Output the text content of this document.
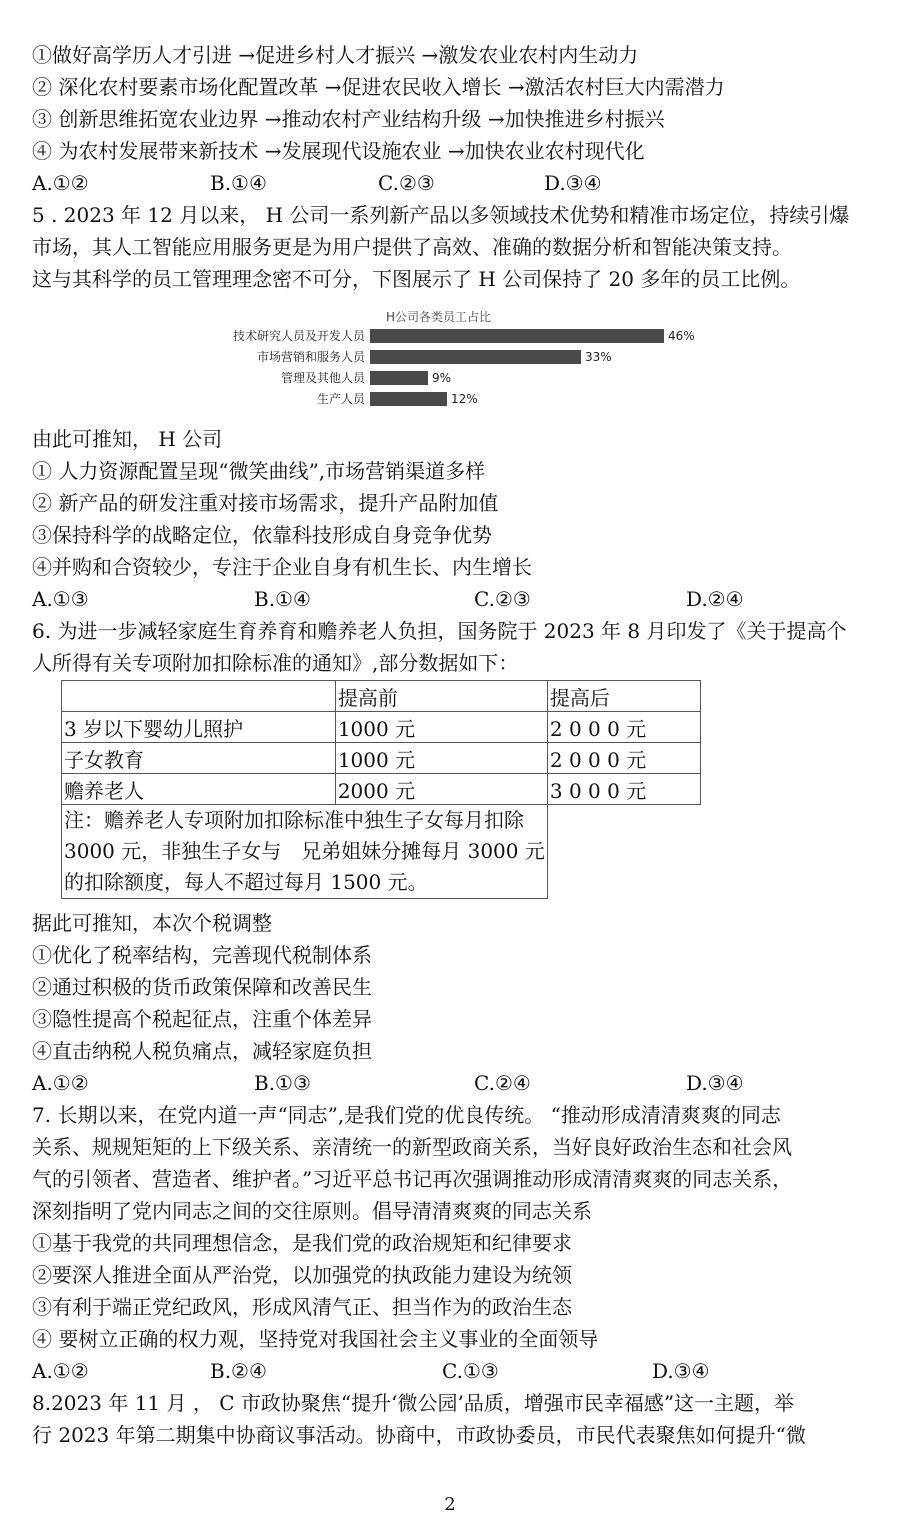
①做好高学历人才引进 →促进乡村人才振兴 →激发农业农村内生动力
② 深化农村要素市场化配置改革 →促进农民收入增长 →激活农村巨大内需潜力
③ 创新思维拓宽农业边界 →推动农村产业结构升级 →加快推进乡村振兴
④ 为农村发展带来新技术 →发展现代设施农业 →加快农业农村现代化
A.①②	B.①④	C.②③	D.③④
5 . 2023 年 12 月以来， H 公司一系列新产品以多领域技术优势和精准市场定位，持续引爆
市场，其人工智能应用服务更是为用户提供了高效、准确的数据分析和智能决策支持。
这与其科学的员工管理理念密不可分，下图展示了 H 公司保持了 20 多年的员工比例。
H公司各类员工占比
技术研究人员及开发人员	46%
市场营销和服务人员	33%
管理及其他人员	9%
生产人员	12%
由此可推知， H 公司
① 人力资源配置呈现“微笑曲线”,市场营销渠道多样
② 新产品的研发注重对接市场需求，提升产品附加值
③保持科学的战略定位，依靠科技形成自身竞争优势
④并购和合资较少，专注于企业自身有机生长、内生增长
A.①③	B.①④	C.②③	D.②④
6. 为进一步减轻家庭生育养育和赡养老人负担，国务院于 2023 年 8 月印发了《关于提高个
人所得有关专项附加扣除标准的通知》,部分数据如下：
	提高前	提高后
3 岁以下婴幼儿照护	1000 元	2 0 0 0 元
子女教育	1000 元	2 0 0 0 元
赡养老人	2000 元	3 0 0 0 元

注：赡养老人专项附加扣除标准中独生子女每月扣除
3000 元，非独生子女与　兄弟姐妹分摊每月 3000 元
的扣除额度，每人不超过每月 1500 元。		

据此可推知，本次个税调整
①优化了税率结构，完善现代税制体系
②通过积极的货币政策保障和改善民生
③隐性提高个税起征点，注重个体差异
④直击纳税人税负痛点，减轻家庭负担
A.①②	B.①③	C.②④	D.③④
7. 长期以来，在党内道一声“同志”,是我们党的优良传统。 “推动形成清清爽爽的同志
关系、规规矩矩的上下级关系、亲清统一的新型政商关系，当好良好政治生态和社会风
气的引领者、营造者、维护者。”习近平总书记再次强调推动形成清清爽爽的同志关系，
深刻指明了党内同志之间的交往原则。倡导清清爽爽的同志关系
①基于我党的共同理想信念，是我们党的政治规矩和纪律要求
②要深人推进全面从严治党，以加强党的执政能力建设为统领
③有利于端正党纪政风，形成风清气正、担当作为的政治生态
④ 要树立正确的权力观，坚持党对我国社会主义事业的全面领导
A.①②	B.②④	C.①③	D.③④
8.2023 年 11 月 ， C 市政协聚焦“提升‘微公园’品质，增强市民幸福感”这一主题，举
行 2023 年第二期集中协商议事活动。协商中，市政协委员，市民代表聚焦如何提升“微
2
